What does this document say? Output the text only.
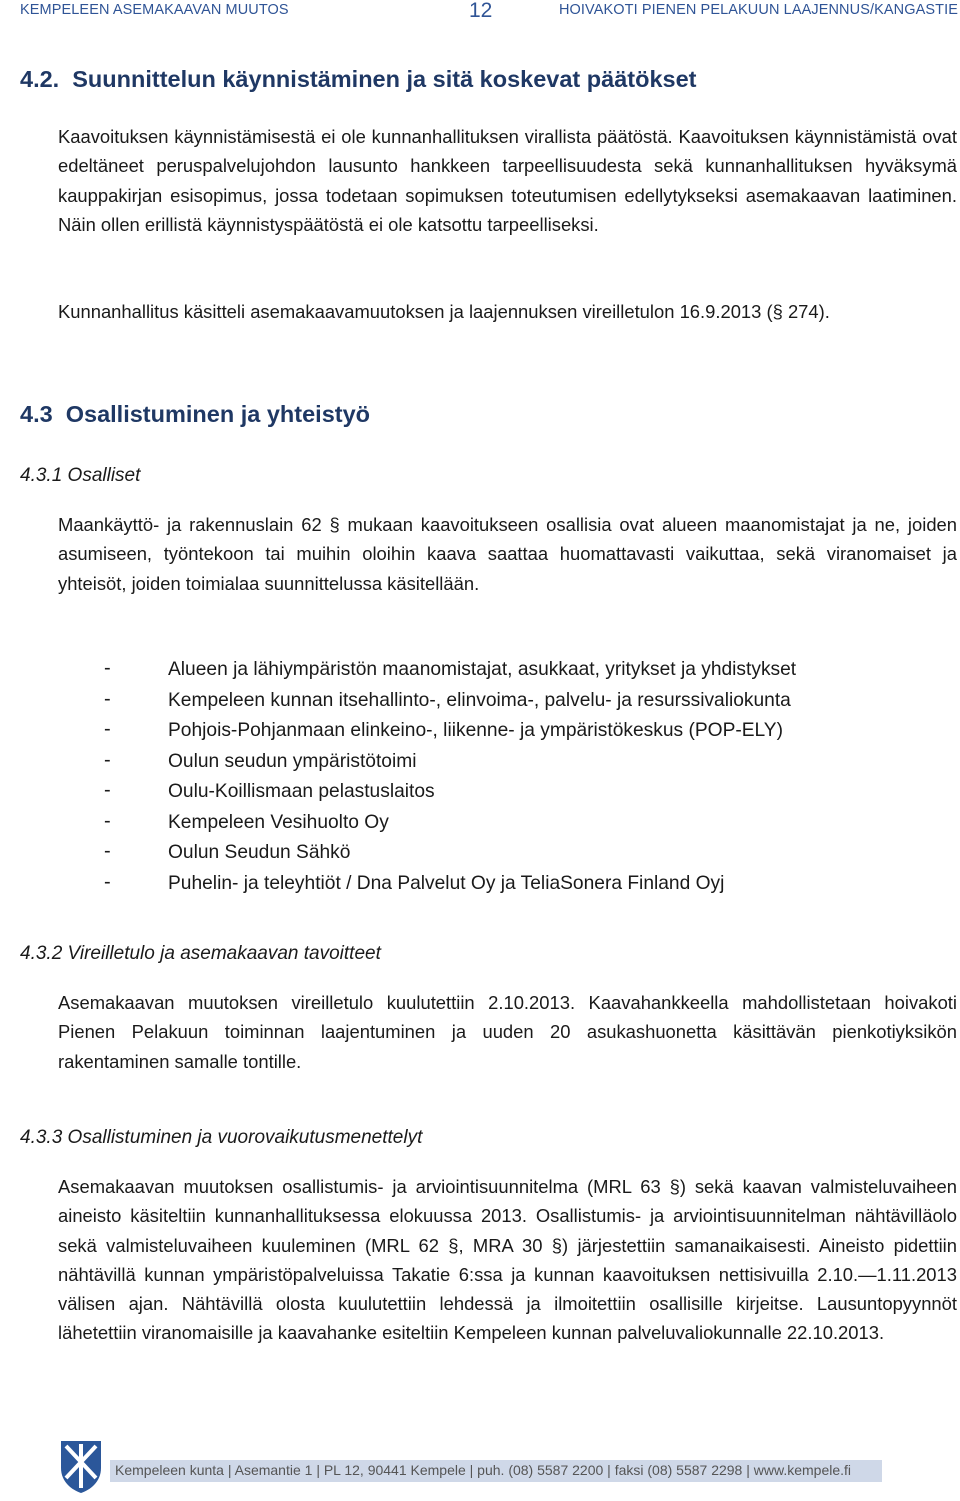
KEMPELEEN ASEMAKAAVAN MUUTOS	12	HOIVAKOTI PIENEN PELAKUUN LAAJENNUS/KANGASTIE
4.2.  Suunnittelun käynnistäminen ja sitä koskevat päätökset
Kaavoituksen käynnistämisestä ei ole kunnanhallituksen virallista päätöstä. Kaavoituksen käynnistämistä ovat edeltäneet peruspalvelujohdon lausunto hankkeen tarpeellisuudesta sekä kunnanhallituksen hyväksymä kauppakirjan esisopimus, jossa todetaan sopimuksen toteutumisen edellytykseksi asemakaavan laatiminen. Näin ollen erillistä käynnistyspäätöstä ei ole katsottu tarpeelliseksi.
Kunnanhallitus käsitteli asemakaavamuutoksen ja laajennuksen vireilletulon 16.9.2013 (§ 274).
4.3  Osallistuminen ja yhteistyö
4.3.1 Osalliset
Maankäyttö- ja rakennuslain 62 § mukaan kaavoitukseen osallisia ovat alueen maanomistajat ja ne, joiden asumiseen, työntekoon tai muihin oloihin kaava saattaa huomattavasti vaikuttaa, sekä viranomaiset ja yhteisöt, joiden toimialaa suunnittelussa käsitellään.
-	Alueen ja lähiympäristön maanomistajat, asukkaat, yritykset ja yhdistykset
-	Kempeleen kunnan itsehallinto-, elinvoima-, palvelu- ja resurssivaliokunta
-	Pohjois-Pohjanmaan elinkeino-, liikenne- ja ympäristökeskus (POP-ELY)
-	Oulun seudun ympäristötoimi
-	Oulu-Koillismaan pelastuslaitos
-	Kempeleen Vesihuolto Oy
-	Oulun Seudun Sähkö
-	Puhelin- ja teleyhtiöt / Dna Palvelut Oy ja TeliaSonera Finland Oyj
4.3.2 Vireilletulo ja asemakaavan tavoitteet
Asemakaavan muutoksen vireilletulo kuulutettiin 2.10.2013. Kaavahankkeella mahdollistetaan hoivakoti Pienen Pelakuun toiminnan laajentuminen ja uuden 20 asukashuonetta käsittävän pienkotiyksikön rakentaminen samalle tontille.
4.3.3 Osallistuminen ja vuorovaikutusmenettelyt
Asemakaavan muutoksen osallistumis- ja arviointisuunnitelma (MRL 63 §) sekä kaavan valmisteluvaiheen aineisto käsiteltiin kunnanhallituksessa elokuussa 2013. Osallistumis- ja arviointisuunnitelman nähtävilläolo sekä valmisteluvaiheen kuuleminen (MRL 62 §, MRA 30 §) järjestettiin samanaikaisesti. Aineisto pidettiin nähtävillä kunnan ympäristöpalveluissa Takatie 6:ssa ja kunnan kaavoituksen nettisivuilla 2.10.—1.11.2013 välisen ajan. Nähtävillä olosta kuulutettiin lehdessä ja ilmoitettiin osallisille kirjeitse. Lausuntopyynnöt lähetettiin viranomaisille ja kaavahanke esiteltiin Kempeleen kunnan palveluvaliokunnalle 22.10.2013.
Kempeleen kunta | Asemantie 1 | PL 12, 90441 Kempele | puh. (08) 5587 2200 | faksi (08) 5587 2298 | www.kempele.fi
